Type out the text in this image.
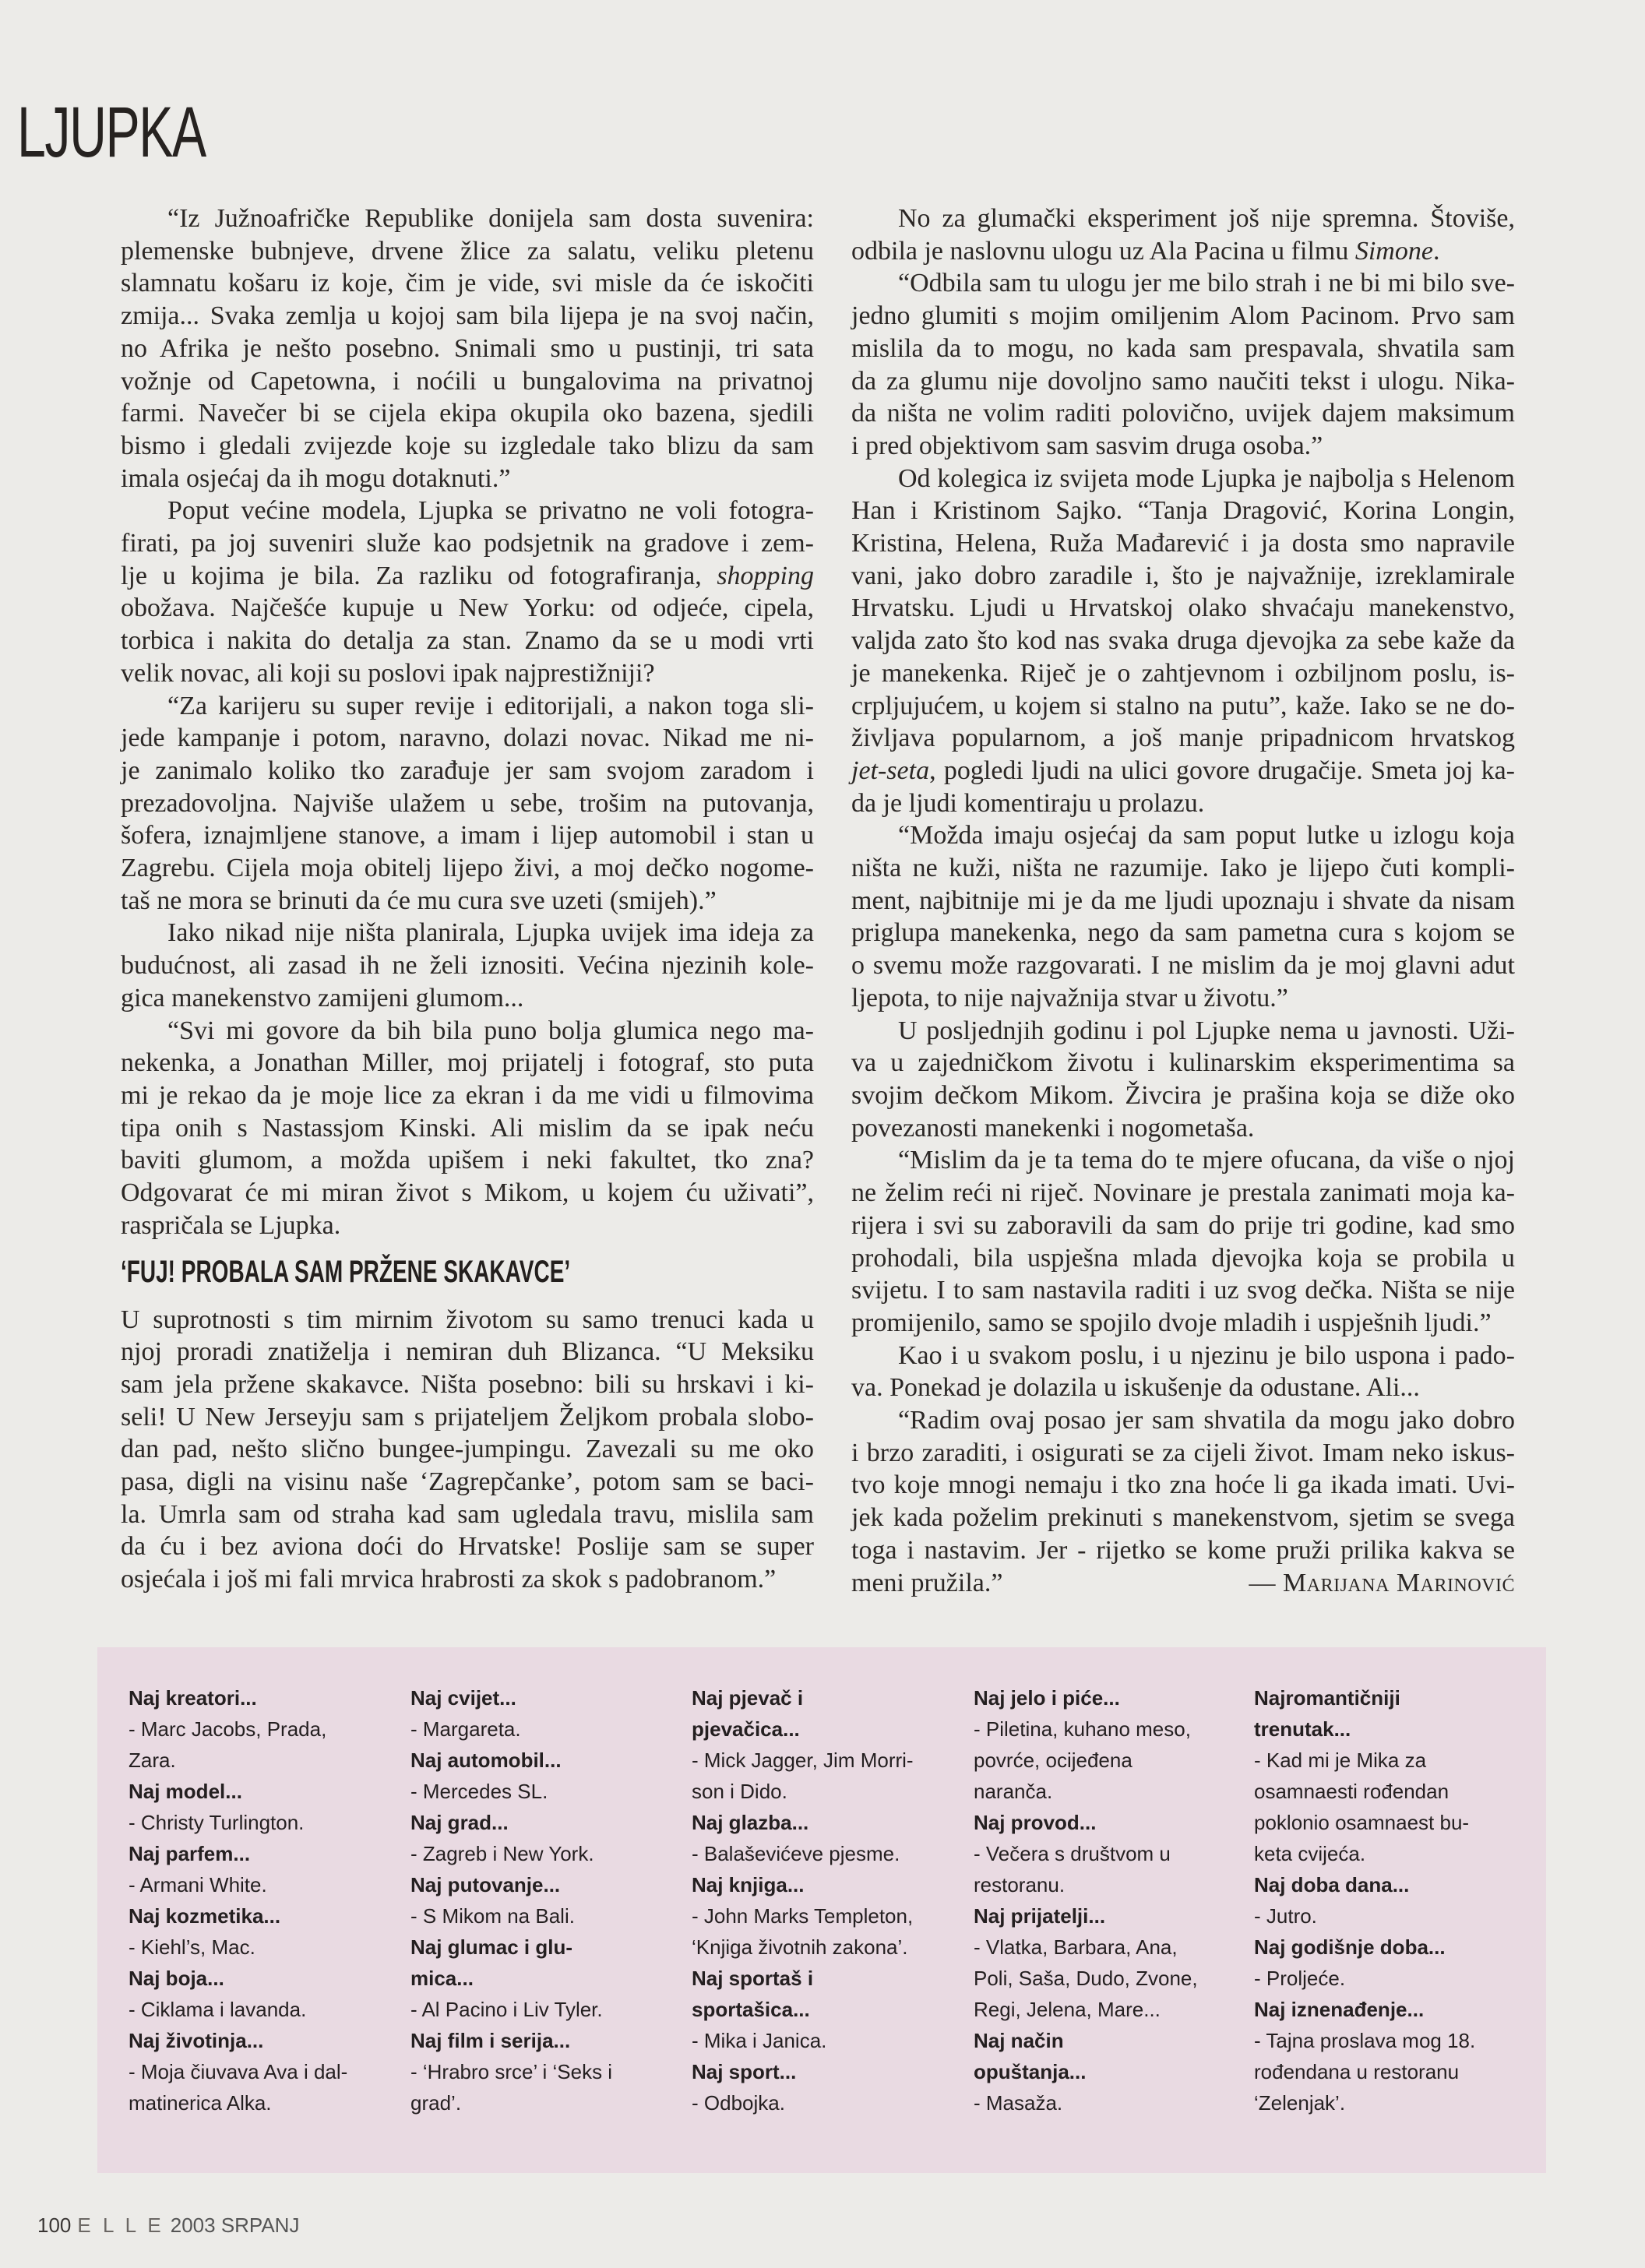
LJUPKA
“Iz Južnoafričke Republike donijela sam dosta suvenira:
plemenske bubnjeve, drvene žlice za salatu, veliku pletenu
slamnatu košaru iz koje, čim je vide, svi misle da će iskočiti
zmija... Svaka zemlja u kojoj sam bila lijepa je na svoj način,
no Afrika je nešto posebno. Snimali smo u pustinji, tri sata
vožnje od Capetowna, i noćili u bungalovima na privatnoj
farmi. Navečer bi se cijela ekipa okupila oko bazena, sjedili
bismo i gledali zvijezde koje su izgledale tako blizu da sam
imala osjećaj da ih mogu dotaknuti.”
Poput većine modela, Ljupka se privatno ne voli fotogra-
firati, pa joj suveniri služe kao podsjetnik na gradove i zem-
lje u kojima je bila. Za razliku od fotografiranja, shopping
obožava. Najčešće kupuje u New Yorku: od odjeće, cipela,
torbica i nakita do detalja za stan. Znamo da se u modi vrti
velik novac, ali koji su poslovi ipak najprestižniji?
“Za karijeru su super revije i editorijali, a nakon toga sli-
jede kampanje i potom, naravno, dolazi novac. Nikad me ni-
je zanimalo koliko tko zarađuje jer sam svojom zaradom i
prezadovoljna. Najviše ulažem u sebe, trošim na putovanja,
šofera, iznajmljene stanove, a imam i lijep automobil i stan u
Zagrebu. Cijela moja obitelj lijepo živi, a moj dečko nogome-
taš ne mora se brinuti da će mu cura sve uzeti (smijeh).”
Iako nikad nije ništa planirala, Ljupka uvijek ima ideja za
budućnost, ali zasad ih ne želi iznositi. Većina njezinih kole-
gica manekenstvo zamijeni glumom...
“Svi mi govore da bih bila puno bolja glumica nego ma-
nekenka, a Jonathan Miller, moj prijatelj i fotograf, sto puta
mi je rekao da je moje lice za ekran i da me vidi u filmovima
tipa onih s Nastassjom Kinski. Ali mislim da se ipak neću
baviti glumom, a možda upišem i neki fakultet, tko zna?
Odgovarat će mi miran život s Mikom, u kojem ću uživati”,
raspričala se Ljupka.
‘FUJ! PROBALA SAM PRŽENE SKAKAVCE’
U suprotnosti s tim mirnim životom su samo trenuci kada u
njoj proradi znatiželja i nemiran duh Blizanca. “U Meksiku
sam jela pržene skakavce. Ništa posebno: bili su hrskavi i ki-
seli! U New Jerseyju sam s prijateljem Željkom probala slobo-
dan pad, nešto slično bungee-jumpingu. Zavezali su me oko
pasa, digli na visinu naše ‘Zagrepčanke’, potom sam se baci-
la. Umrla sam od straha kad sam ugledala travu, mislila sam
da ću i bez aviona doći do Hrvatske! Poslije sam se super
osjećala i još mi fali mrvica hrabrosti za skok s padobranom.”
No za glumački eksperiment još nije spremna. Štoviše,
odbila je naslovnu ulogu uz Ala Pacina u filmu Simone.
“Odbila sam tu ulogu jer me bilo strah i ne bi mi bilo sve-
jedno glumiti s mojim omiljenim Alom Pacinom. Prvo sam
mislila da to mogu, no kada sam prespavala, shvatila sam
da za glumu nije dovoljno samo naučiti tekst i ulogu. Nika-
da ništa ne volim raditi polovično, uvijek dajem maksimum
i pred objektivom sam sasvim druga osoba.”
Od kolegica iz svijeta mode Ljupka je najbolja s Helenom
Han i Kristinom Sajko. “Tanja Dragović, Korina Longin,
Kristina, Helena, Ruža Mađarević i ja dosta smo napravile
vani, jako dobro zaradile i, što je najvažnije, izreklamirale
Hrvatsku. Ljudi u Hrvatskoj olako shvaćaju manekenstvo,
valjda zato što kod nas svaka druga djevojka za sebe kaže da
je manekenka. Riječ je o zahtjevnom i ozbiljnom poslu, is-
crpljujućem, u kojem si stalno na putu”, kaže. Iako se ne do-
življava popularnom, a još manje pripadnicom hrvatskog
jet-seta, pogledi ljudi na ulici govore drugačije. Smeta joj ka-
da je ljudi komentiraju u prolazu.
“Možda imaju osjećaj da sam poput lutke u izlogu koja
ništa ne kuži, ništa ne razumije. Iako je lijepo čuti kompli-
ment, najbitnije mi je da me ljudi upoznaju i shvate da nisam
priglupa manekenka, nego da sam pametna cura s kojom se
o svemu može razgovarati. I ne mislim da je moj glavni adut
ljepota, to nije najvažnija stvar u životu.”
U posljednjih godinu i pol Ljupke nema u javnosti. Uži-
va u zajedničkom životu i kulinarskim eksperimentima sa
svojim dečkom Mikom. Živcira je prašina koja se diže oko
povezanosti manekenki i nogometaša.
“Mislim da je ta tema do te mjere ofucana, da više o njoj
ne želim reći ni riječ. Novinare je prestala zanimati moja ka-
rijera i svi su zaboravili da sam do prije tri godine, kad smo
prohodali, bila uspješna mlada djevojka koja se probila u
svijetu. I to sam nastavila raditi i uz svog dečka. Ništa se nije
promijenilo, samo se spojilo dvoje mladih i uspješnih ljudi.”
Kao i u svakom poslu, i u njezinu je bilo uspona i pado-
va. Ponekad je dolazila u iskušenje da odustane. Ali...
“Radim ovaj posao jer sam shvatila da mogu jako dobro
i brzo zaraditi, i osigurati se za cijeli život. Imam neko iskus-
tvo koje mnogi nemaju i tko zna hoće li ga ikada imati. Uvi-
jek kada poželim prekinuti s manekenstvom, sjetim se svega
toga i nastavim. Jer - rijetko se kome pruži prilika kakva se
meni pružila.”	— Marijana Marinović
Naj kreatori...
- Marc Jacobs, Prada,
Zara.
Naj model...
- Christy Turlington.
Naj parfem...
- Armani White.
Naj kozmetika...
- Kiehl’s, Mac.
Naj boja...
- Ciklama i lavanda.
Naj životinja...
- Moja čiuvava Ava i dal-
matinerica Alka.
Naj cvijet...
- Margareta.
Naj automobil...
- Mercedes SL.
Naj grad...
- Zagreb i New York.
Naj putovanje...
- S Mikom na Bali.
Naj glumac i glu-
mica...
- Al Pacino i Liv Tyler.
Naj film i serija...
- ‘Hrabro srce’ i ‘Seks i
grad’.
Naj pjevač i
pjevačica...
- Mick Jagger, Jim Morri-
son i Dido.
Naj glazba...
- Balaševićeve pjesme.
Naj knjiga...
- John Marks Templeton,
‘Knjiga životnih zakona’.
Naj sportaš i
sportašica...
- Mika i Janica.
Naj sport...
- Odbojka.
Naj jelo i piće...
- Piletina, kuhano meso,
povrće, ocijeđena
naranča.
Naj provod...
- Večera s društvom u
restoranu.
Naj prijatelji...
- Vlatka, Barbara, Ana,
Poli, Saša, Dudo, Zvone,
Regi, Jelena, Mare...
Naj način
opuštanja...
- Masaža.
Najromantičniji
trenutak...
- Kad mi je Mika za
osamnaesti rođendan
poklonio osamnaest bu-
keta cvijeća.
Naj doba dana...
- Jutro.
Naj godišnje doba...
- Proljeće.
Naj iznenađenje...
- Tajna proslava mog 18.
rođendana u restoranu
‘Zelenjak’.
100 E L L E 2003 SRPANJ
